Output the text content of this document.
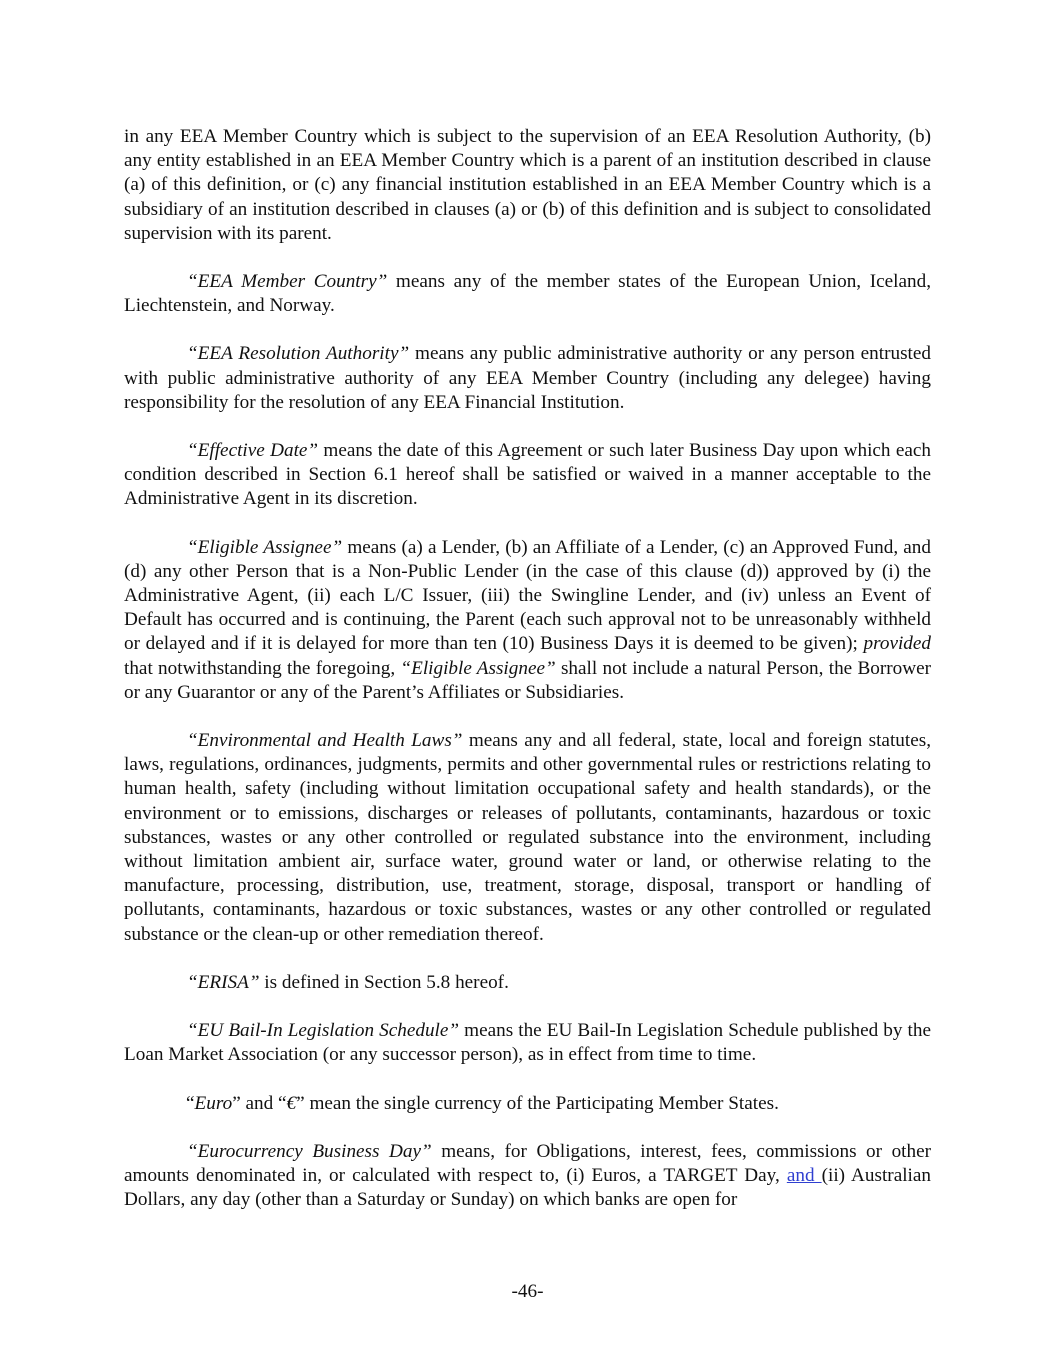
in any EEA Member Country which is subject to the supervision of an EEA Resolution Authority, (b) any entity established in an EEA Member Country which is a parent of an institution described in clause (a) of this definition, or (c) any financial institution established in an EEA Member Country which is a subsidiary of an institution described in clauses (a) or (b) of this definition and is subject to consolidated supervision with its parent.

“EEA Member Country” means any of the member states of the European Union, Iceland, Liechtenstein, and Norway.

“EEA Resolution Authority” means any public administrative authority or any person entrusted with public administrative authority of any EEA Member Country (including any delegee) having responsibility for the resolution of any EEA Financial Institution.

“Effective Date” means the date of this Agreement or such later Business Day upon which each condition described in Section 6.1 hereof shall be satisfied or waived in a manner acceptable to the Administrative Agent in its discretion.

“Eligible Assignee” means (a) a Lender, (b) an Affiliate of a Lender, (c) an Approved Fund, and (d) any other Person that is a Non-Public Lender (in the case of this clause (d)) approved by (i) the Administrative Agent, (ii) each L/C Issuer, (iii) the Swingline Lender, and (iv) unless an Event of Default has occurred and is continuing, the Parent (each such approval not to be unreasonably withheld or delayed and if it is delayed for more than ten (10) Business Days it is deemed to be given); provided that notwithstanding the foregoing, “Eligible Assignee” shall not include a natural Person, the Borrower or any Guarantor or any of the Parent’s Affiliates or Subsidiaries.

“Environmental and Health Laws” means any and all federal, state, local and foreign statutes, laws, regulations, ordinances, judgments, permits and other governmental rules or restrictions relating to human health, safety (including without limitation occupational safety and health standards), or the environment or to emissions, discharges or releases of pollutants, contaminants, hazardous or toxic substances, wastes or any other controlled or regulated substance into the environment, including without limitation ambient air, surface water, ground water or land, or otherwise relating to the manufacture, processing, distribution, use, treatment, storage, disposal, transport or handling of pollutants, contaminants, hazardous or toxic substances, wastes or any other controlled or regulated substance or the clean-up or other remediation thereof.

“ERISA” is defined in Section 5.8 hereof.

“EU Bail-In Legislation Schedule” means the EU Bail-In Legislation Schedule published by the Loan Market Association (or any successor person), as in effect from time to time.

“Euro” and “€” mean the single currency of the Participating Member States.

“Eurocurrency Business Day” means, for Obligations, interest, fees, commissions or other amounts denominated in, or calculated with respect to, (i) Euros, a TARGET Day, and (ii) Australian Dollars, any day (other than a Saturday or Sunday) on which banks are open for

-46-
